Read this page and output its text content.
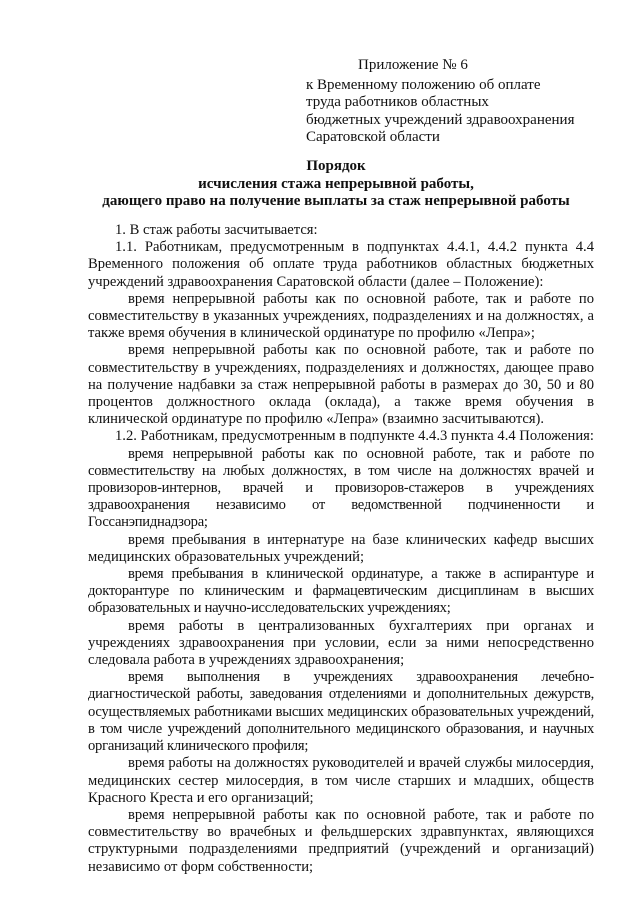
Приложение № 6
к Временному положению об оплате
труда работников областных
бюджетных учреждений здравоохранения
Саратовской области
Порядок
исчисления стажа непрерывной работы,
дающего право на получение выплаты за стаж непрерывной работы

1. В стаж работы засчитывается:

1.1. Работникам, предусмотренным в подпунктах 4.4.1, 4.4.2 пункта 4.4 Временного положения об оплате труда работников областных бюджетных учреждений здравоохранения Саратовской области (далее – Положение):

время непрерывной работы как по основной работе, так и работе по совместительству в указанных учреждениях, подразделениях и на должностях, а также время обучения в клинической ординатуре по профилю «Лепра»;

время непрерывной работы как по основной работе, так и работе по совместительству в учреждениях, подразделениях и должностях, дающее право на получение надбавки за стаж непрерывной работы в размерах до 30, 50 и 80 процентов должностного оклада (оклада), а также время обучения в клинической ординатуре по профилю «Лепра» (взаимно засчитываются).

1.2. Работникам, предусмотренным в подпункте 4.4.3 пункта 4.4 Положения:

время непрерывной работы как по основной работе, так и работе по совместительству на любых должностях, в том числе на должностях врачей и провизоров-интернов, врачей и провизоров-стажеров в учреждениях здравоохранения независимо от ведомственной подчиненности и Госсанэпиднадзора;

время пребывания в интернатуре на базе клинических кафедр высших медицинских образовательных учреждений;

время пребывания в клинической ординатуре, а также в аспирантуре и докторантуре по клиническим и фармацевтическим дисциплинам в высших образовательных и научно-исследовательских учреждениях;

время работы в централизованных бухгалтериях при органах и учреждениях здравоохранения при условии, если за ними непосредственно следовала работа в учреждениях здравоохранения;

время выполнения в учреждениях здравоохранения лечебно-диагностической работы, заведования отделениями и дополнительных дежурств, осуществляемых работниками высших медицинских образовательных учреждений, в том числе учреждений дополнительного медицинского образования, и научных организаций клинического профиля;

время работы на должностях руководителей и врачей службы милосердия, медицинских сестер милосердия, в том числе старших и младших, обществ Красного Креста и его организаций;

время непрерывной работы как по основной работе, так и работе по совместительству во врачебных и фельдшерских здравпунктах, являющихся структурными подразделениями предприятий (учреждений и организаций) независимо от форм собственности;
